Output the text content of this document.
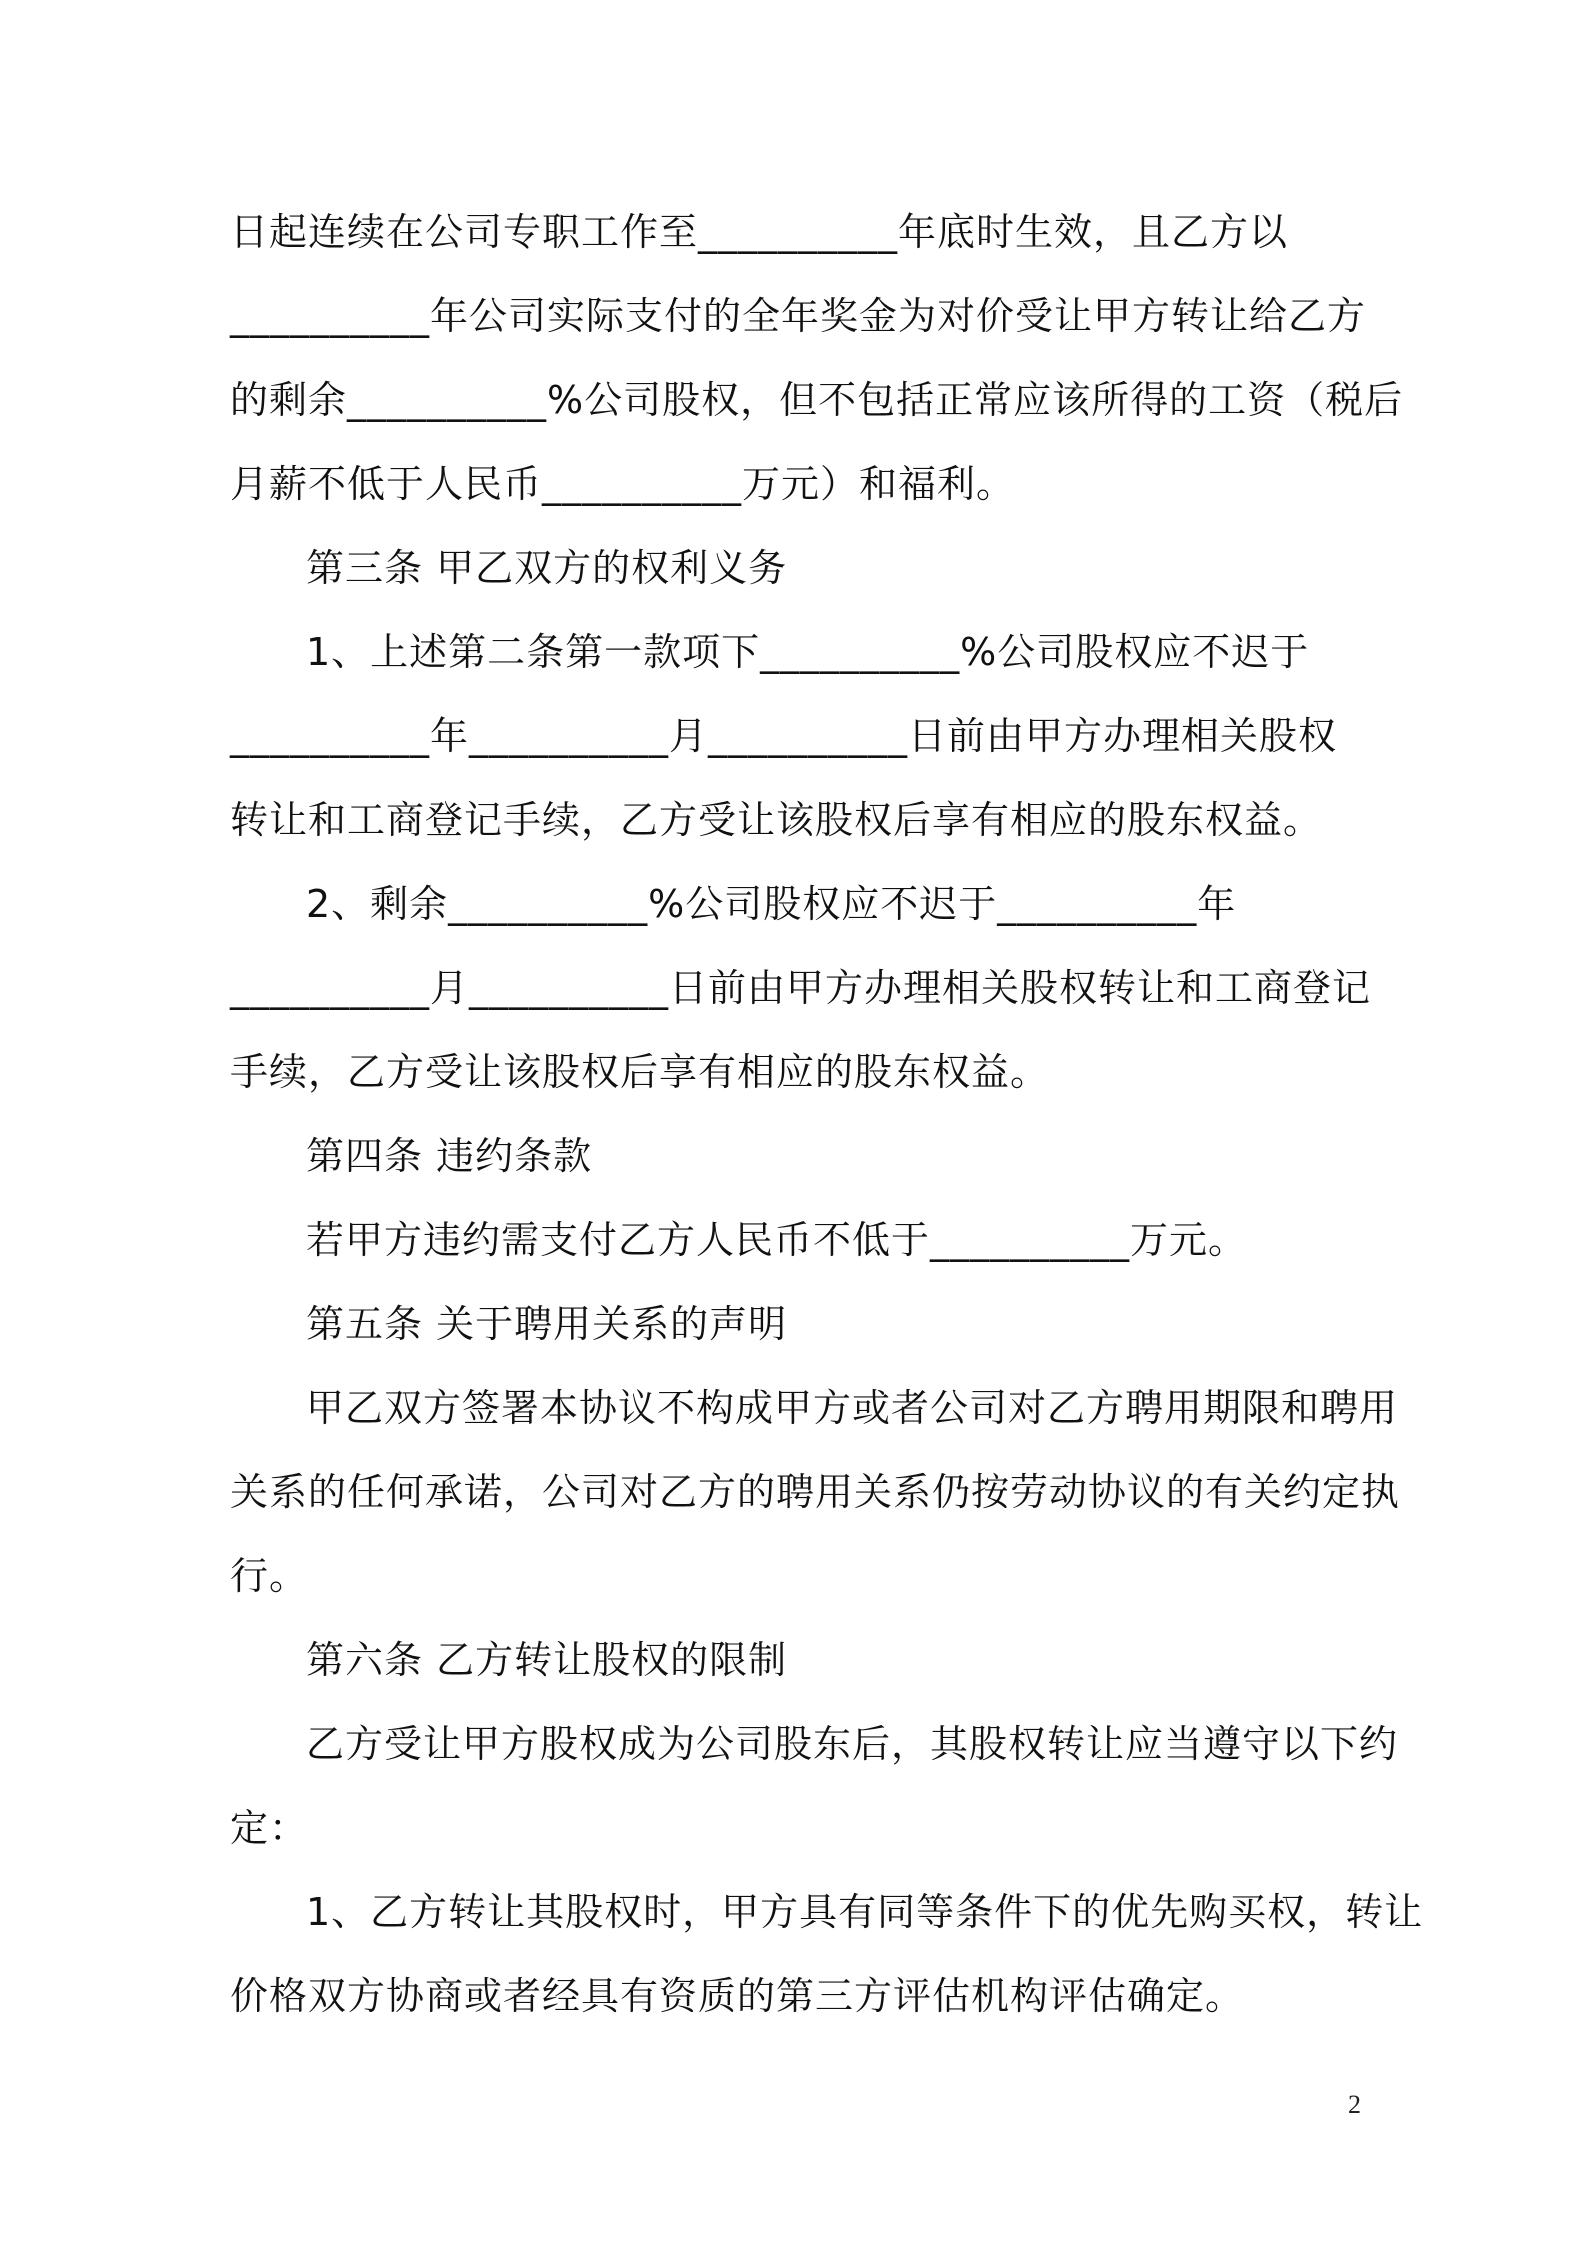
日起连续在公司专职工作至__________年底时生效，且乙方以
__________年公司实际支付的全年奖金为对价受让甲方转让给乙方
的剩余__________%公司股权，但不包括正常应该所得的工资（税后
月薪不低于人民币__________万元）和福利。
第三条 甲乙双方的权利义务
1、上述第二条第一款项下__________%公司股权应不迟于
__________年__________月__________日前由甲方办理相关股权
转让和工商登记手续，乙方受让该股权后享有相应的股东权益。
2、剩余__________%公司股权应不迟于__________年
__________月__________日前由甲方办理相关股权转让和工商登记
手续，乙方受让该股权后享有相应的股东权益。
第四条 违约条款
若甲方违约需支付乙方人民币不低于__________万元。
第五条 关于聘用关系的声明
甲乙双方签署本协议不构成甲方或者公司对乙方聘用期限和聘用
关系的任何承诺，公司对乙方的聘用关系仍按劳动协议的有关约定执
行。
第六条 乙方转让股权的限制
乙方受让甲方股权成为公司股东后，其股权转让应当遵守以下约
定：
1、乙方转让其股权时，甲方具有同等条件下的优先购买权，转让
价格双方协商或者经具有资质的第三方评估机构评估确定。
2
